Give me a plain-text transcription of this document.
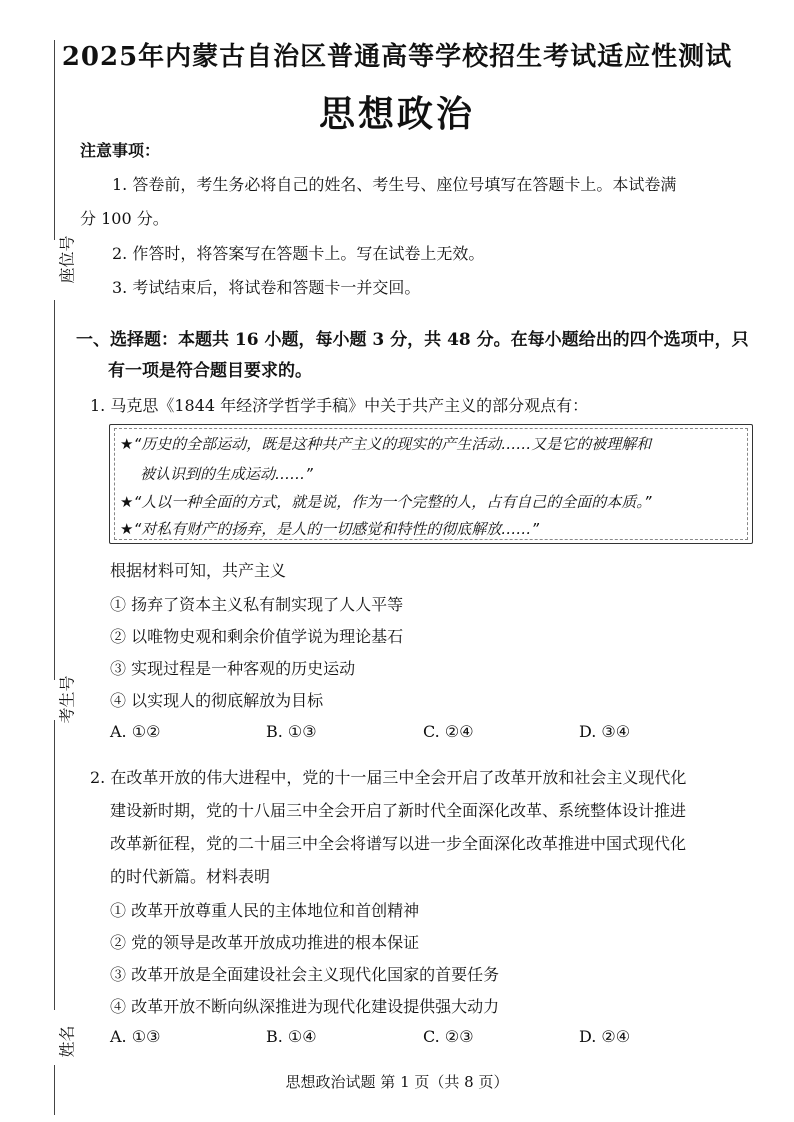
座位号
考生号
姓名
2025年内蒙古自治区普通高等学校招生考试适应性测试
思想政治
注意事项：
1. 答卷前，考生务必将自己的姓名、考生号、座位号填写在答题卡上。本试卷满
分 100 分。
2. 作答时，将答案写在答题卡上。写在试卷上无效。
3. 考试结束后，将试卷和答题卡一并交回。
一、选择题：本题共 16 小题，每小题 3 分，共 48 分。在每小题给出的四个选项中，只
有一项是符合题目要求的。
1. 马克思《1844 年经济学哲学手稿》中关于共产主义的部分观点有：
★“历史的全部运动，既是这种共产主义的现实的产生活动……又是它的被理解和
被认识到的生成运动……”
★“人以一种全面的方式，就是说，作为一个完整的人，占有自己的全面的本质。”
★“对私有财产的扬弃，是人的一切感觉和特性的彻底解放……”
根据材料可知，共产主义
① 扬弃了资本主义私有制实现了人人平等
② 以唯物史观和剩余价值学说为理论基石
③ 实现过程是一种客观的历史运动
④ 以实现人的彻底解放为目标
A. ①②	B. ①③	C. ②④	D. ③④
2. 在改革开放的伟大进程中，党的十一届三中全会开启了改革开放和社会主义现代化
建设新时期，党的十八届三中全会开启了新时代全面深化改革、系统整体设计推进
改革新征程，党的二十届三中全会将谱写以进一步全面深化改革推进中国式现代化
的时代新篇。材料表明
① 改革开放尊重人民的主体地位和首创精神
② 党的领导是改革开放成功推进的根本保证
③ 改革开放是全面建设社会主义现代化国家的首要任务
④ 改革开放不断向纵深推进为现代化建设提供强大动力
A. ①③	B. ①④	C. ②③	D. ②④
思想政治试题 第 1 页（共 8 页）
